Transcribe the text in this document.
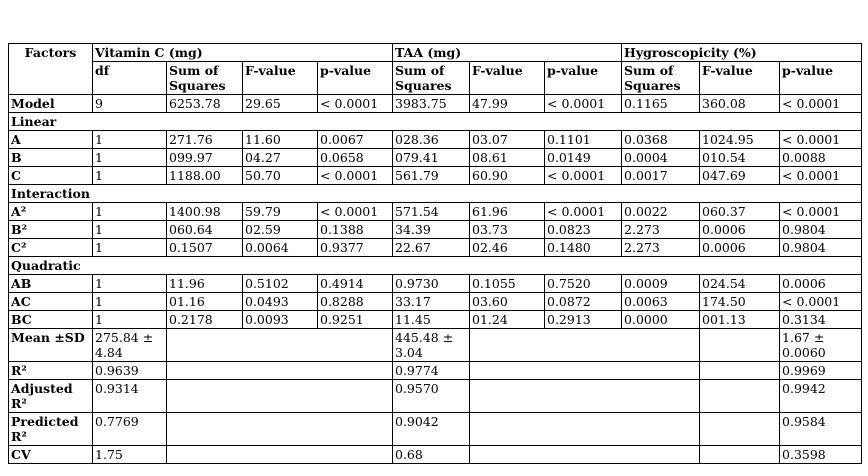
Factors	Vitamin C (mg)				TAA (mg)			Hygroscopicity (%)		
	df	Sum of Squares	F-value	p-value	Sum of Squares	F-value	p-value	Sum of Squares	F-value	p-value
Model	9	6253.78	29.65	< 0.0001	3983.75	47.99	< 0.0001	0.1165	360.08	< 0.0001
Linear										
A	1	271.76	11.60	0.0067	028.36	03.07	0.1101	0.0368	1024.95	< 0.0001
B	1	099.97	04.27	0.0658	079.41	08.61	0.0149	0.0004	010.54	0.0088
C	1	1188.00	50.70	< 0.0001	561.79	60.90	< 0.0001	0.0017	047.69	< 0.0001
Interaction										
A²	1	1400.98	59.79	< 0.0001	571.54	61.96	< 0.0001	0.0022	060.37	< 0.0001
B²	1	060.64	02.59	0.1388	34.39	03.73	0.0823	2.273	0.0006	0.9804
C²	1	0.1507	0.0064	0.9377	22.67	02.46	0.1480	2.273	0.0006	0.9804
Quadratic										
AB	1	11.96	0.5102	0.4914	0.9730	0.1055	0.7520	0.0009	024.54	0.0006
AC	1	01.16	0.0493	0.8288	33.17	03.60	0.0872	0.0063	174.50	< 0.0001
BC	1	0.2178	0.0093	0.9251	11.45	01.24	0.2913	0.0000	001.13	0.3134
Mean ±SD	275.84 ± 4.84				445.48 ± 3.04					1.67 ± 0.0060
R²	0.9639				0.9774					0.9969
Adjusted R²	0.9314				0.9570					0.9942
Predicted R²	0.7769				0.9042					0.9584
CV	1.75				0.68					0.3598
